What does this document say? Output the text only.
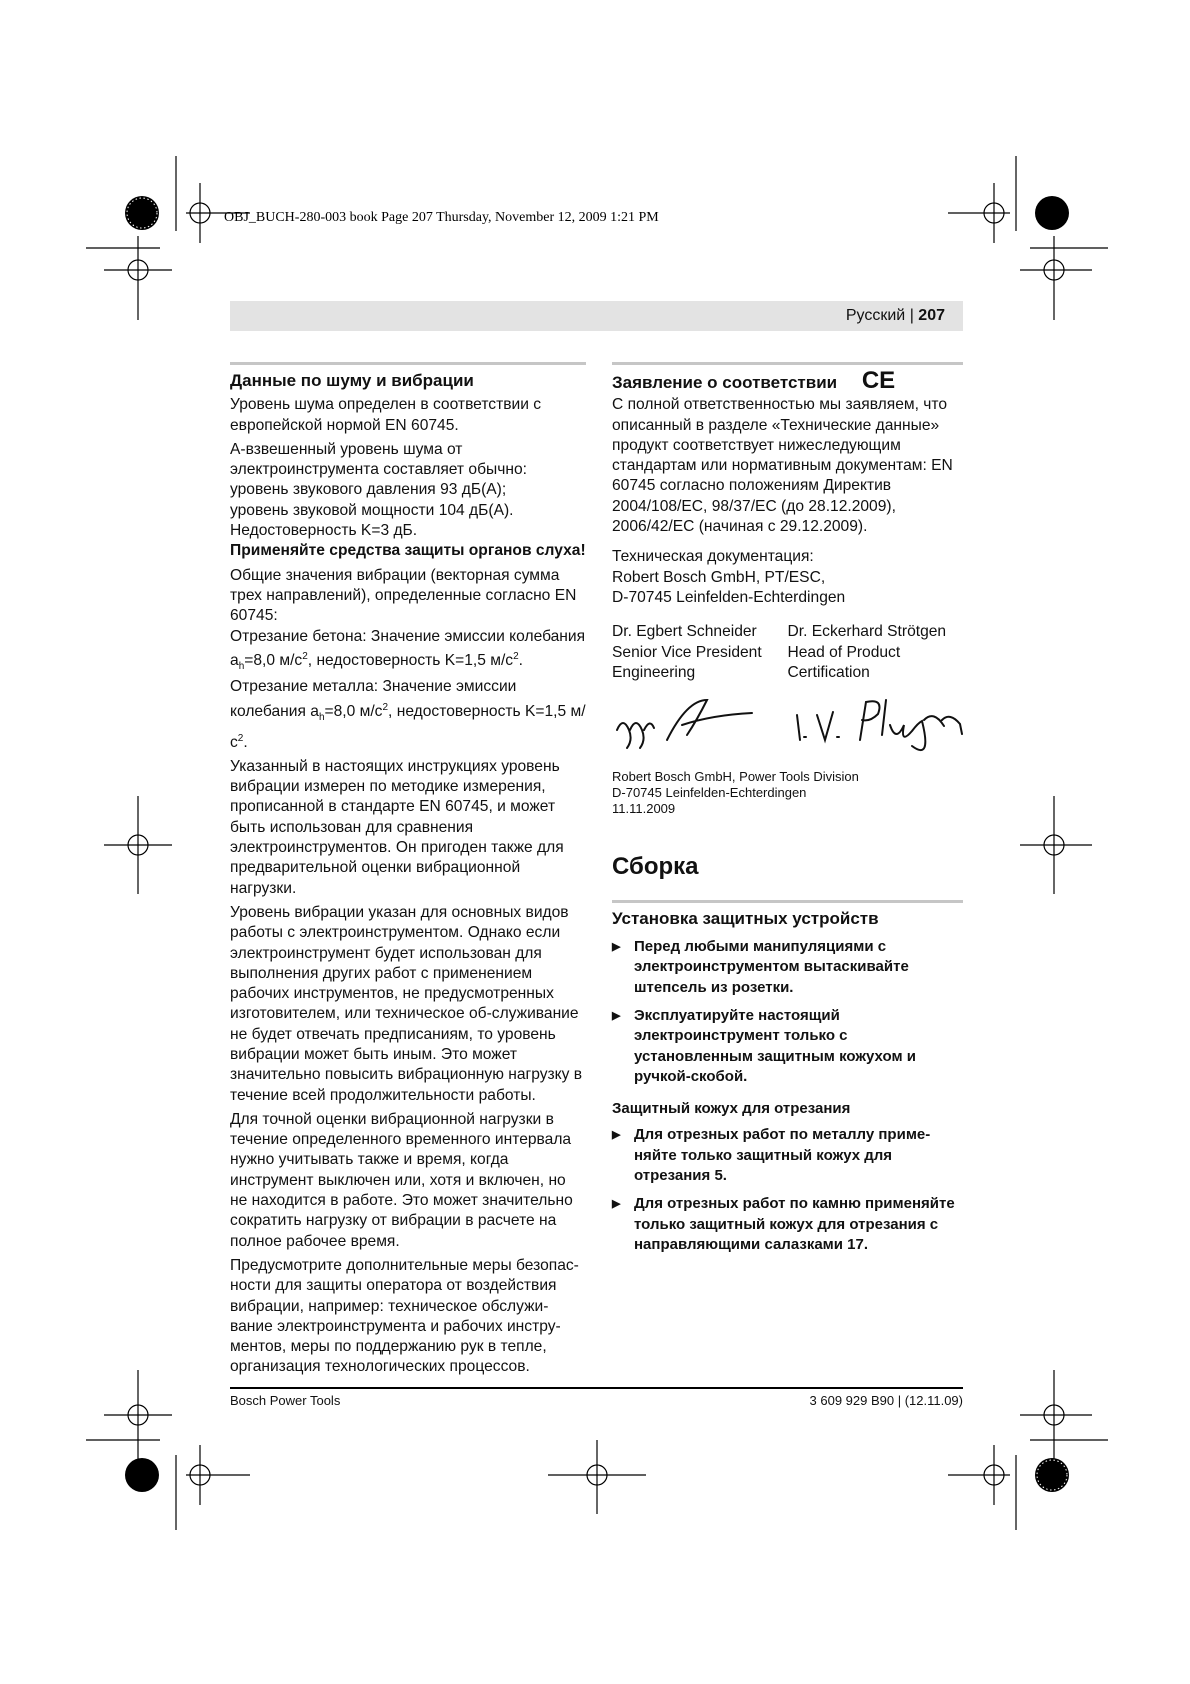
OBJ_BUCH-280-003 book Page 207 Thursday, November 12, 2009 1:21 PM
Русский | 207
Данные по шуму и вибрации

Уровень шума определен в соответствии с европейской нормой EN 60745.

А-взвешенный уровень шума от
электроинструмента составляет обычно:
уровень звукового давления 93 дБ(A);
уровень звуковой мощности 104 дБ(A).
Недостоверность K=3 дБ.
Применяйте средства защиты органов слуха!

Общие значения вибрации (векторная сумма трех направлений), определенные согласно EN 60745:
Отрезание бетона: Значение эмиссии колебания $a_h=8,0$ $м/с^2$, недостоверность K=1,5 $м/с^2$.
Отрезание металла: Значение эмиссии колебания $a_h=8,0$ $м/с^2$, недостоверность K=1,5 $м/с^2$.

Указанный в настоящих инструкциях уровень вибрации измерен по методике измерения, прописанной в стандарте EN 60745, и может быть использован для сравнения электроинструментов. Он пригоден также для предварительной оценки вибрационной нагрузки.

Уровень вибрации указан для основных видов работы с электроинструментом. Однако если электроинструмент будет использован для выполнения других работ с применением рабочих инструментов, не предусмотренных изготовителем, или техническое об-служивание не будет отвечать предписаниям, то уровень вибрации может быть иным. Это может значительно повысить вибрационную нагрузку в течение всей продолжительности работы.

Для точной оценки вибрационной нагрузки в течение определенного временного интервала нужно учитывать также и время, когда инструмент выключен или, хотя и включен, но не находится в работе. Это может значительно сократить нагрузку от вибрации в расчете на полное рабочее время.

Предусмотрите дополнительные меры безопас-ности для защиты оператора от воздействия вибрации, например: техническое обслужи-вание электроинструмента и рабочих инстру-ментов, меры по поддержанию рук в тепле, организация технологических процессов.

Заявление о соответствии CE

С полной ответственностью мы заявляем, что описанный в разделе «Технические данные» продукт соответствует нижеследующим стандартам или нормативным документам: EN 60745 согласно положениям Директив 2004/108/EC, 98/37/EC (до 28.12.2009), 2006/42/EC (начиная с 29.12.2009).

Техническая документация:
Robert Bosch GmbH, PT/ESC,
D-70745 Leinfelden-Echterdingen

Dr. Egbert Schneider
Senior Vice President
Engineering
Dr. Eckerhard Strötgen
Head of Product
Certification
Robert Bosch GmbH, Power Tools Division
D-70745 Leinfelden-Echterdingen
11.11.2009
Сборка
Установка защитных устройств
▶ Перед любыми манипуляциями с электроинструментом вытаскивайте штепсель из розетки.
▶ Эксплуатируйте настоящий электроинструмент только с установленным защитным кожухом и ручкой-скобой.
Защитный кожух для отрезания
▶ Для отрезных работ по металлу приме-няйте только защитный кожух для отрезания 5.
▶ Для отрезных работ по камню применяйте только защитный кожух для отрезания с направляющими салазками 17.
Bosch Power Tools	3 609 929 B90 | (12.11.09)
